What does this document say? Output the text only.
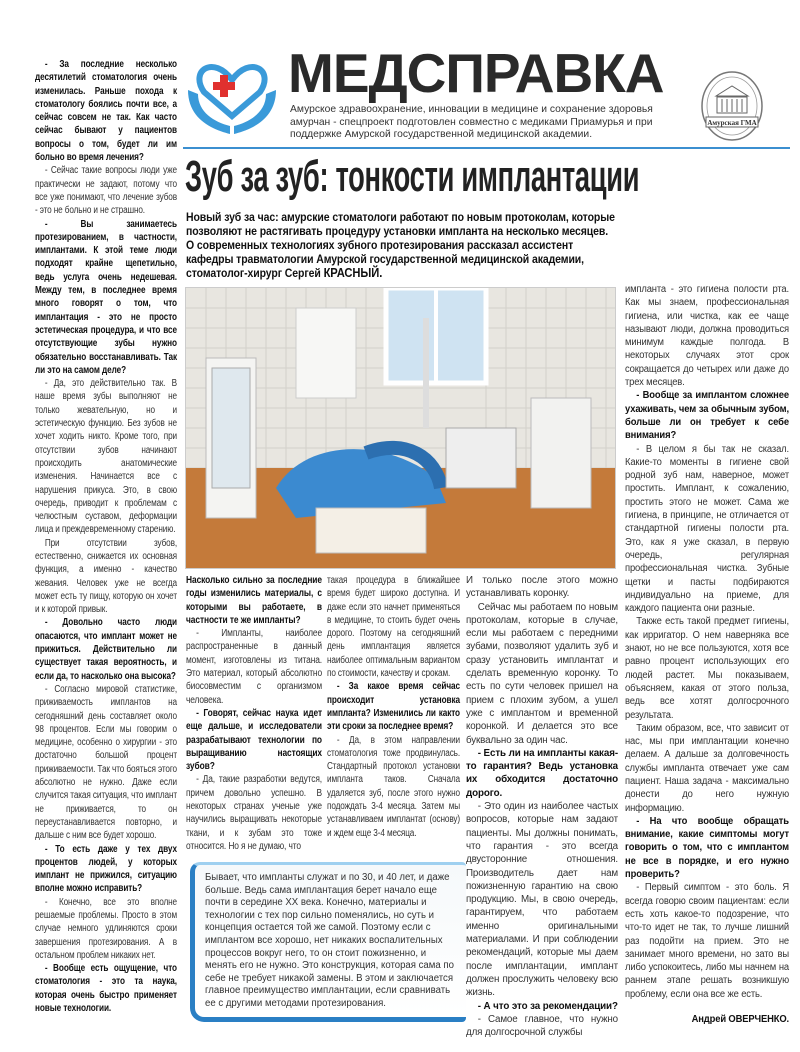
МЕДСПРАВКА
Амурское здравоохранение, инновации в медицине и сохранение здоровья амурчан - спецпроект подготовлен совместно с медиками Приамурья и при поддержке Амурской государственной медицинской академии.
Амурская ГМА
Зуб за зуб: тонкости имплантации
Новый зуб за час: амурские стоматологи работают по новым протоколам, которые позволяют не растягивать процедуру установки импланта на несколько месяцев.
О современных технологиях зубного протезирования рассказал ассистент кафедры травматологии Амурской государственной медицинской академии, стоматолог-хирург Сергей КРАСНЫЙ.

- За последние несколько десятилетий стоматология очень изменилась. Раньше похода к стоматологу боялись почти все, а сейчас совсем не так. Как часто сейчас бывают у пациентов вопросы о том, будет ли им больно во время лечения?

- Сейчас такие вопросы люди уже практически не задают, потому что все уже понимают, что лечение зубов - это не больно и не страшно.

- Вы занимаетесь протезированием, в частности, имплантами. К этой теме люди подходят крайне щепетильно, ведь услуга очень недешевая. Между тем, в последнее время много говорят о том, что имплантация - это не просто эстетическая процедура, и что все отсутствующие зубы нужно обязательно восстанавливать. Так ли это на самом деле?

- Да, это действительно так. В наше время зубы выполняют не только жевательную, но и эстетическую функцию. Без зубов не хочет ходить никто. Кроме того, при отсутствии зубов начинают происходить анатомические изменения. Начинается все с нарушения прикуса. Это, в свою очередь, приводит к проблемам с челюстным суставом, деформации лица и преждевременному старению.

При отсутствии зубов, естественно, снижается их основная функция, а именно - качество жевания. Человек уже не всегда может есть ту пищу, которую он хочет и к которой привык.

- Довольно часто люди опасаются, что имплант может не прижиться. Действительно ли существует такая вероятность, и если да, то насколько она высока?

- Согласно мировой статистике, приживаемость имплантов на сегодняшний день составляет около 98 процентов. Если мы говорим о медицине, особенно о хирургии - это достаточно большой процент приживаемости. Так что бояться этого абсолютно не нужно. Даже если случится такая ситуация, что имплант не приживается, то он переустанавливается повторно, и дальше с ним все будет хорошо.

- То есть даже у тех двух процентов людей, у которых имплант не прижился, ситуацию вполне можно исправить?

- Конечно, все это вполне решаемые проблемы. Просто в этом случае немного удлиняются сроки завершения протезирования. А в остальном проблем никаких нет.

- Вообще есть ощущение, что стоматология - это та наука, которая очень быстро применяет новые технологии.

Насколько сильно за последние годы изменились материалы, с которыми вы работаете, в частности те же импланты?

- Импланты, наиболее распространенные в данный момент, изготовлены из титана. Это материал, который абсолютно биосовместим с организмом человека.

- Говорят, сейчас наука идет еще дальше, и исследователи разрабатывают технологии по выращиванию настоящих зубов?

- Да, такие разработки ведутся, причем довольно успешно. В некоторых странах ученые уже научились выращивать некоторые ткани, и к зубам это тоже относится. Но я не думаю, что

такая процедура в ближайшее время будет широко доступна. И даже если это начнет применяться в медицине, то стоить будет очень дорого. Поэтому на сегодняшний день имплантация является наиболее оптимальным вариантом по стоимости, качеству и срокам.

- За какое время сейчас происходит установка импланта? Изменились ли както эти сроки за последнее время?

- Да, в этом направлении стоматология тоже продвинулась. Стандартный протокол установки импланта таков. Сначала удаляется зуб, после этого нужно подождать 3-4 месяца. Затем мы устанавливаем имплантат (основу) и ждем еще 3-4 месяца.

И только после этого можно устанавливать коронку.

Сейчас мы работаем по новым протоколам, которые в случае, если мы работаем с передними зубами, позволяют удалить зуб и сразу установить имплантат и сделать временную коронку. То есть по сути человек пришел на прием с плохим зубом, а ушел уже с имплантом и временной коронкой. И делается это все буквально за один час.

- Есть ли на импланты какая-то гарантия? Ведь установка их обходится достаточно дорого.

- Это один из наиболее частых вопросов, которые нам задают пациенты. Мы должны понимать, что гарантия - это всегда двусторонние отношения. Производитель дает нам пожизненную гарантию на свою продукцию. Мы, в свою очередь, гарантируем, что работаем именно оригинальными материалами. И при соблюдении рекомендаций, которые мы даем после имплантации, имплант должен прослужить человеку всю жизнь.

- А что это за рекомендации?

- Самое главное, что нужно для долгосрочной службы

импланта - это гигиена полости рта. Как мы знаем, профессиональная гигиена, или чистка, как ее чаще называют люди, должна проводиться минимум каждые полгода. В некоторых случаях этот срок сокращается до четырех или даже до трех месяцев.

- Вообще за имплантом сложнее ухаживать, чем за обычным зубом, больше ли он требует к себе внимания?

- В целом я бы так не сказал. Какие-то моменты в гигиене свой родной зуб нам, наверное, может простить. Имплант, к сожалению, простить этого не может. Сама же гигиена, в принципе, не отличается от стандартной гигиены полости рта. Это, как я уже сказал, в первую очередь, регулярная профессиональная чистка. Зубные щетки и пасты подбираются индивидуально на приеме, для каждого пациента они разные.

Также есть такой предмет гигиены, как ирригатор. О нем наверняка все знают, но не все пользуются, хотя все равно процент использующих его людей растет. Мы показываем, объясняем, какая от этого польза, ведь все хотят долгосрочного результата.

Таким образом, все, что зависит от нас, мы при имплантации конечно делаем. А дальше за долговечность службы импланта отвечает уже сам пациент. Наша задача - максимально донести до него нужную информацию.

- На что вообще обращать внимание, какие симптомы могут говорить о том, что с имплантом не все в порядке, и его нужно проверить?

- Первый симптом - это боль. Я всегда говорю своим пациентам: если есть хоть какое-то подозрение, что что-то идет не так, то лучше лишний раз подойти на прием. Это не занимает много времени, но зато вы либо успокоитесь, либо мы начнем на раннем этапе решать возникшую проблему, если она все же есть.

Андрей ОВЕРЧЕНКО.

Бывает, что импланты служат и по 30, и 40 лет, и даже больше. Ведь сама имплантация берет начало еще почти в середине XX века. Конечно, материалы и технологии с тех пор сильно поменялись, но суть и концепция остается той же самой. Поэтому если с имплантом все хорошо, нет никаких воспалительных процессов вокруг него, то он стоит пожизненно, и менять его не нужно. Это конструкция, которая сама по себе не требует никакой замены. В этом и заключается главное преимущество имплантации, если сравнивать ее с другими методами протезирования.
